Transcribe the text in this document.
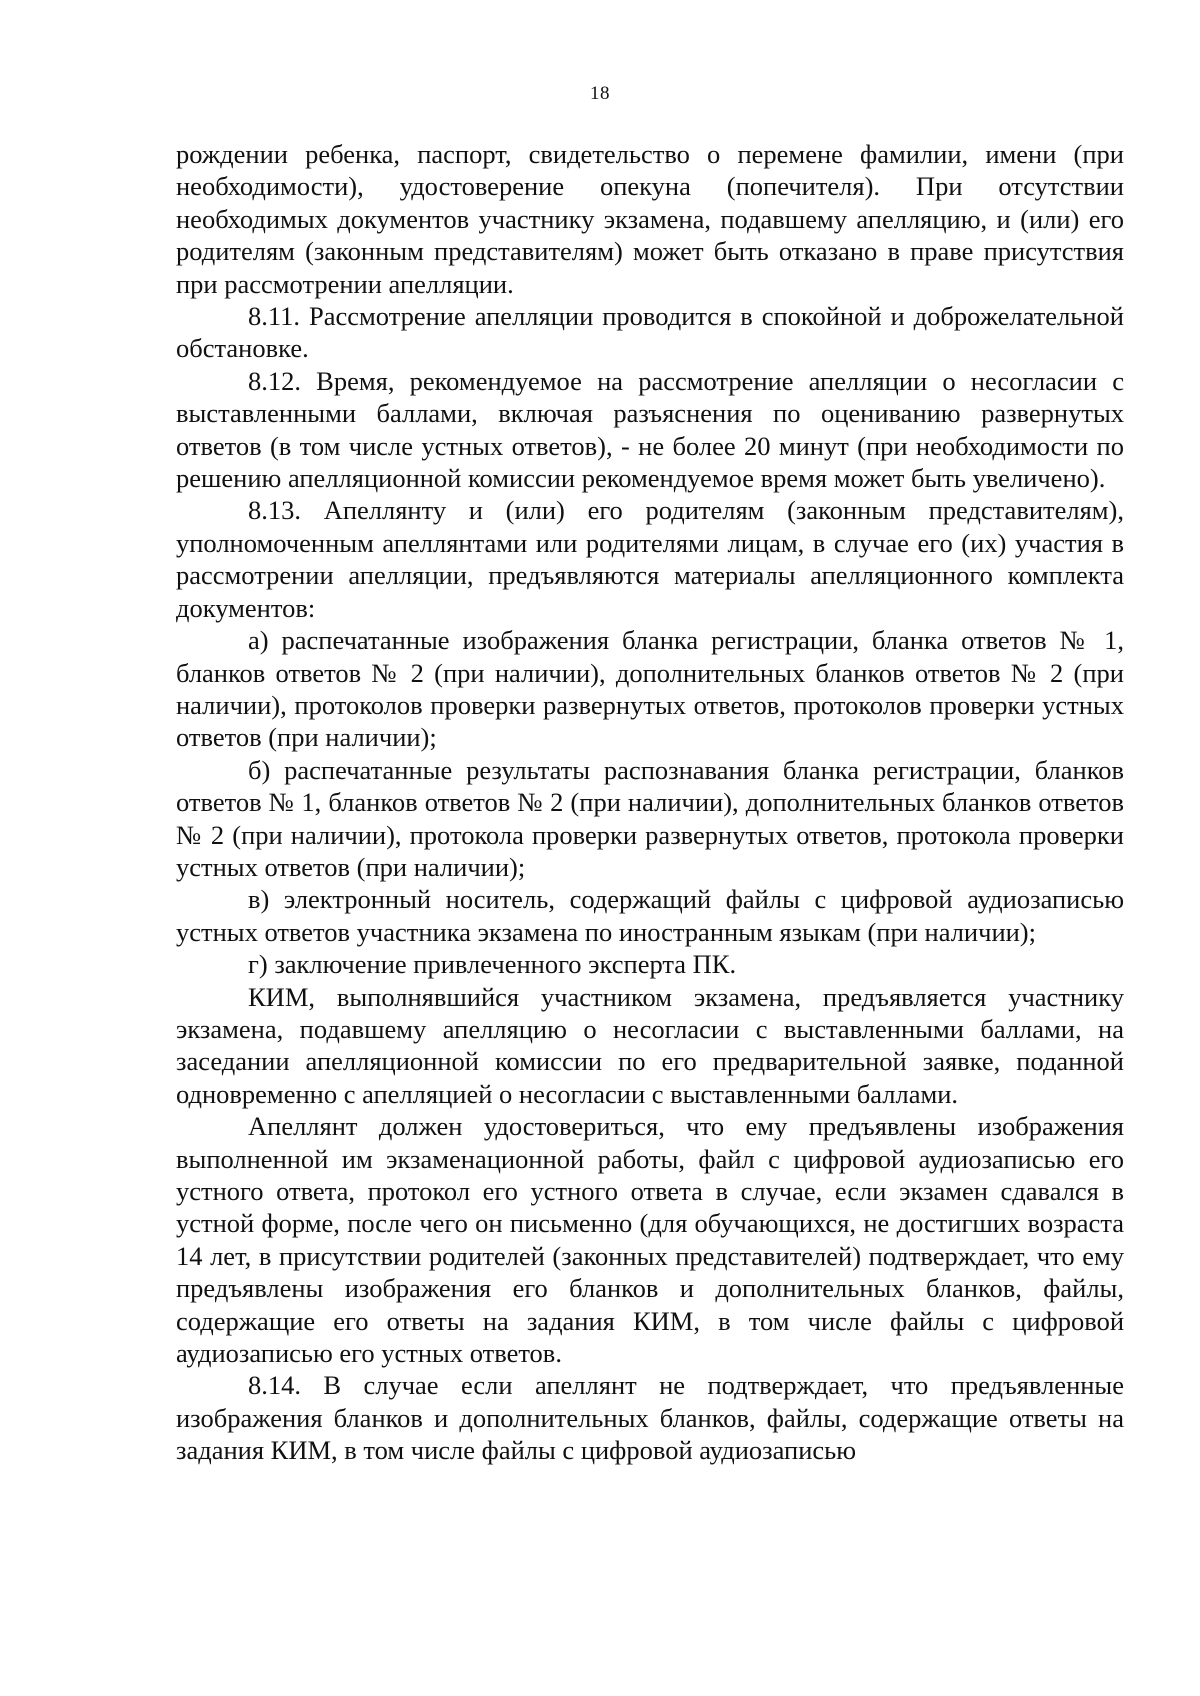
18

рождении ребенка, паспорт, свидетельство о перемене фамилии, имени (при необходимости), удостоверение опекуна (попечителя). При отсутствии необходимых документов участнику экзамена, подавшему апелляцию, и (или) его родителям (законным представителям) может быть отказано в праве присутствия при рассмотрении апелляции.

8.11. Рассмотрение апелляции проводится в спокойной и доброжелательной обстановке.

8.12. Время, рекомендуемое на рассмотрение апелляции о несогласии с выставленными баллами, включая разъяснения по оцениванию развернутых ответов (в том числе устных ответов), - не более 20 минут (при необходимости по решению апелляционной комиссии рекомендуемое время может быть увеличено).

8.13. Апеллянту и (или) его родителям (законным представителям), уполномоченным апеллянтами или родителями лицам, в случае его (их) участия в рассмотрении апелляции, предъявляются материалы апелляционного комплекта документов:

а) распечатанные изображения бланка регистрации, бланка ответов № 1, бланков ответов № 2 (при наличии), дополнительных бланков ответов № 2 (при наличии), протоколов проверки развернутых ответов, протоколов проверки устных ответов (при наличии);

б) распечатанные результаты распознавания бланка регистрации, бланков ответов № 1, бланков ответов № 2 (при наличии), дополнительных бланков ответов № 2 (при наличии), протокола проверки развернутых ответов, протокола проверки устных ответов (при наличии);

в) электронный носитель, содержащий файлы с цифровой аудиозаписью устных ответов участника экзамена по иностранным языкам (при наличии);

г) заключение привлеченного эксперта ПК.

КИМ, выполнявшийся участником экзамена, предъявляется участнику экзамена, подавшему апелляцию о несогласии с выставленными баллами, на заседании апелляционной комиссии по его предварительной заявке, поданной одновременно с апелляцией о несогласии с выставленными баллами.

Апеллянт должен удостовериться, что ему предъявлены изображения выполненной им экзаменационной работы, файл с цифровой аудиозаписью его устного ответа, протокол его устного ответа в случае, если экзамен сдавался в устной форме, после чего он письменно (для обучающихся, не достигших возраста 14 лет, в присутствии родителей (законных представителей) подтверждает, что ему предъявлены изображения его бланков и дополнительных бланков, файлы, содержащие его ответы на задания КИМ, в том числе файлы с цифровой аудиозаписью его устных ответов.

8.14. В случае если апеллянт не подтверждает, что предъявленные изображения бланков и дополнительных бланков, файлы, содержащие ответы на задания КИМ, в том числе файлы с цифровой аудиозаписью
